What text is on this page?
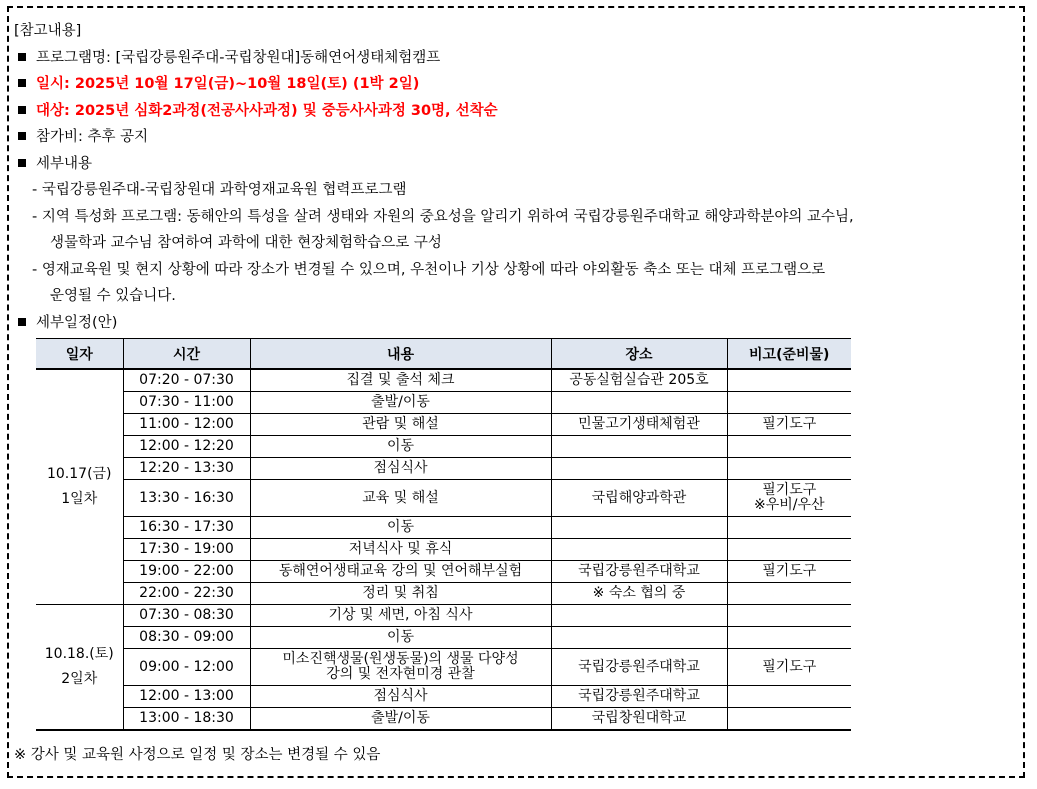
[참고내용]
프로그램명: [국립강릉원주대-국립창원대]동해연어생태체험캠프
일시: 2025년 10월 17일(금)~10월 18일(토) (1박 2일)
대상: 2025년 심화2과정(전공사사과정) 및 중등사사과정 30명, 선착순
참가비: 추후 공지
세부내용
- 국립강릉원주대-국립창원대 과학영재교육원 협력프로그램
- 지역 특성화 프로그램: 동해안의 특성을 살려 생태와 자원의 중요성을 알리기 위하여 국립강릉원주대학교 해양과학분야의 교수님,
생물학과 교수님 참여하여 과학에 대한 현장체험학습으로 구성
- 영재교육원 및 현지 상황에 따라 장소가 변경될 수 있으며, 우천이나 기상 상황에 따라 야외활동 축소 또는 대체 프로그램으로
운영될 수 있습니다.
세부일정(안)
일자	시간	내용	장소	비고(준비물)

10.17(금)
1일차	07:20 - 07:30	집결 및 출석 체크	공동실험실습관 205호	
	07:30 - 11:00	출발/이동		
	11:00 - 12:00	관람 및 해설	민물고기생태체험관	필기도구
	12:00 - 12:20	이동		
	12:20 - 13:30	점심식사		
	13:30 - 16:30	교육 및 해설	국립해양과학관	필기도구
※우비/우산

	16:30 - 17:30	이동		
	17:30 - 19:00	저녁식사 및 휴식		
	19:00 - 22:00	동해연어생태교육 강의 및 연어해부실험	국립강릉원주대학교	필기도구
	22:00 - 22:30	정리 및 취침	※ 숙소 협의 중	

10.18.(토)
2일차	07:30 - 08:30	기상 및 세면, 아침 식사		
	08:30 - 09:00	이동		
	09:00 - 12:00	미소진핵생물(원생동물)의 생물 다양성
강의 및 전자현미경 관찰	국립강릉원주대학교	필기도구
	12:00 - 13:00	점심식사	국립강릉원주대학교	
	13:00 - 18:30	출발/이동	국립창원대학교	
※ 강사 및 교육원 사정으로 일정 및 장소는 변경될 수 있음
